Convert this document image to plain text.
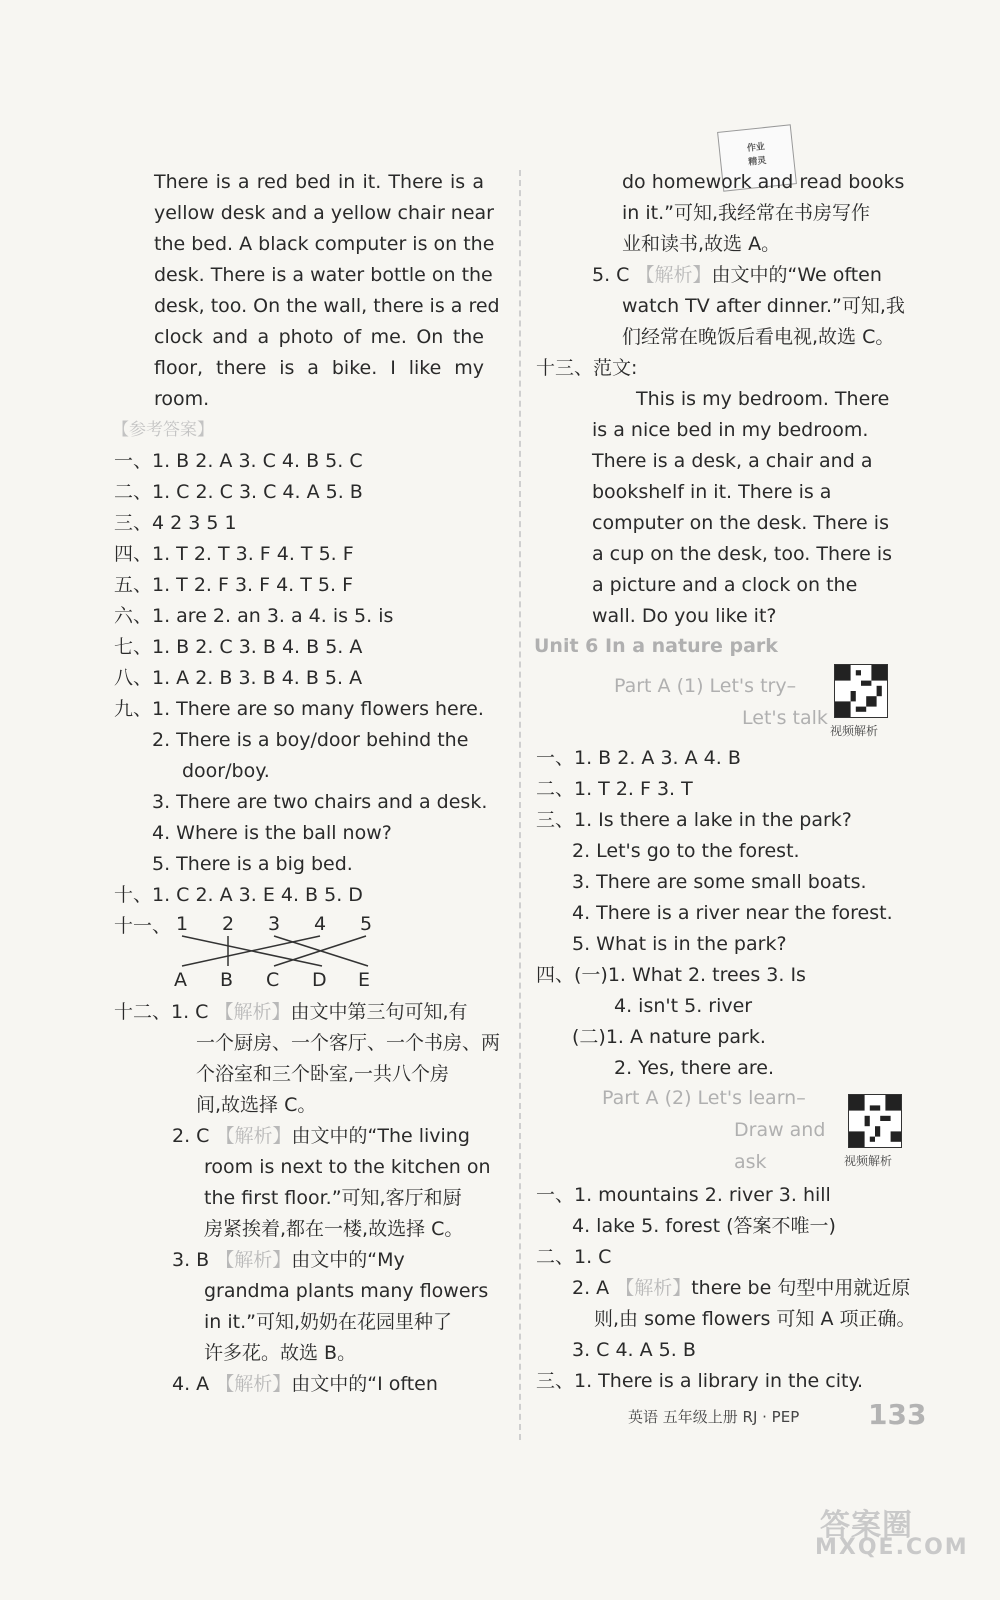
作业
精灵
There is a red bed in it. There is a
yellow desk and a yellow chair near
the bed. A black computer is on the
desk. There is a water bottle on the
desk, too. On the wall, there is a red
clock and a photo of me. On the
floor, there is a bike. I like my
room.
【参考答案】
一、1. B 2. A 3. C 4. B 5. C
二、1. C 2. C 3. C 4. A 5. B
三、4 2 3 5 1
四、1. T 2. T 3. F 4. T 5. F
五、1. T 2. F 3. F 4. T 5. F
六、1. are 2. an 3. a 4. is 5. is
七、1. B 2. C 3. B 4. B 5. A
八、1. A 2. B 3. B 4. B 5. A
九、1. There are so many flowers here.
2. There is a boy/door behind the
door/boy.
3. There are two chairs and a desk.
4. Where is the ball now?
5. There is a big bed.
十、1. C 2. A 3. E 4. B 5. D
十一、 1 2 3 4 5
A B C D E
十二、1. C 【解析】由文中第三句可知,有
一个厨房、一个客厅、一个书房、两
个浴室和三个卧室,一共八个房
间,故选择 C。
2. C 【解析】由文中的“The living
room is next to the kitchen on
the first floor.”可知,客厅和厨
房紧挨着,都在一楼,故选择 C。
3. B 【解析】由文中的“My
grandma plants many flowers
in it.”可知,奶奶在花园里种了
许多花。故选 B。
4. A 【解析】由文中的“I often
do homework and read books
in it.”可知,我经常在书房写作
业和读书,故选 A。
5. C 【解析】由文中的“We often
watch TV after dinner.”可知,我
们经常在晚饭后看电视,故选 C。
十三、范文:
This is my bedroom. There
is a nice bed in my bedroom.
There is a desk, a chair and a
bookshelf in it. There is a
computer on the desk. There is
a cup on the desk, too. There is
a picture and a clock on the
wall. Do you like it?
Unit 6 In a nature park
Part A (1) Let's try–
Let's talk
视频解析
一、1. B 2. A 3. A 4. B
二、1. T 2. F 3. T
三、1. Is there a lake in the park?
2. Let's go to the forest.
3. There are some small boats.
4. There is a river near the forest.
5. What is in the park?
四、(一)1. What 2. trees 3. Is
4. isn't 5. river
(二)1. A nature park.
2. Yes, there are.
Part A (2) Let's learn–
Draw and
ask	视频解析
一、1. mountains 2. river 3. hill
4. lake 5. forest (答案不唯一)
二、1. C
2. A 【解析】there be 句型中用就近原
则,由 some flowers 可知 A 项正确。
3. C 4. A 5. B
三、1. There is a library in the city.
英语 五年级上册 RJ · PEP 133
答案圈
MXQE.COM
